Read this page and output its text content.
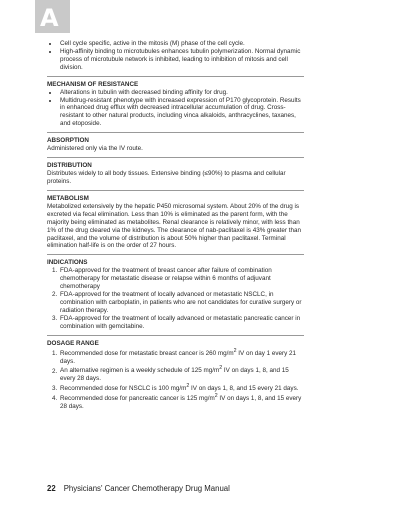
A
• Cell cycle specific, active in the mitosis (M) phase of the cell cycle.
• High-affinity binding to microtubules enhances tubulin polymerization. Normal dynamic process of microtubule network is inhibited, leading to inhibition of mitosis and cell division.
MECHANISM OF RESISTANCE
• Alterations in tubulin with decreased binding affinity for drug.
• Multidrug-resistant phenotype with increased expression of P170 glycoprotein. Results in enhanced drug efflux with decreased intracellular accumulation of drug. Cross-resistant to other natural products, including vinca alkaloids, anthracyclines, taxanes, and etoposide.
ABSORPTION

Administered only via the IV route.

DISTRIBUTION

Distributes widely to all body tissues. Extensive binding (≤90%) to plasma and cellular proteins.

METABOLISM

Metabolized extensively by the hepatic P450 microsomal system. About 20% of the drug is excreted via fecal elimination. Less than 10% is eliminated as the parent form, with the majority being eliminated as metabolites. Renal clearance is relatively minor, with less than 1% of the drug cleared via the kidneys. The clearance of nab-paclitaxel is 43% greater than paclitaxel, and the volume of distribution is about 50% higher than paclitaxel. Terminal elimination half-life is on the order of 27 hours.

INDICATIONS
1. FDA-approved for the treatment of breast cancer after failure of combination chemotherapy for metastatic disease or relapse within 6 months of adjuvant chemotherapy
2. FDA-approved for the treatment of locally advanced or metastatic NSCLC, in combination with carboplatin, in patients who are not candidates for curative surgery or radiation therapy.
3. FDA-approved for the treatment of locally advanced or metastatic pancreatic cancer in combination with gemcitabine.
DOSAGE RANGE
1. Recommended dose for metastatic breast cancer is 260 $mg/m^2$ IV on day 1 every 21 days.
2. An alternative regimen is a weekly schedule of 125 $mg/m^2$ IV on days 1, 8, and 15 every 28 days.
3. Recommended dose for NSCLC is 100 $mg/m^2$ IV on days 1, 8, and 15 every 21 days.
4. Recommended dose for pancreatic cancer is 125 $mg/m^2$ IV on days 1, 8, and 15 every 28 days.
22 Physicians' Cancer Chemotherapy Drug Manual
